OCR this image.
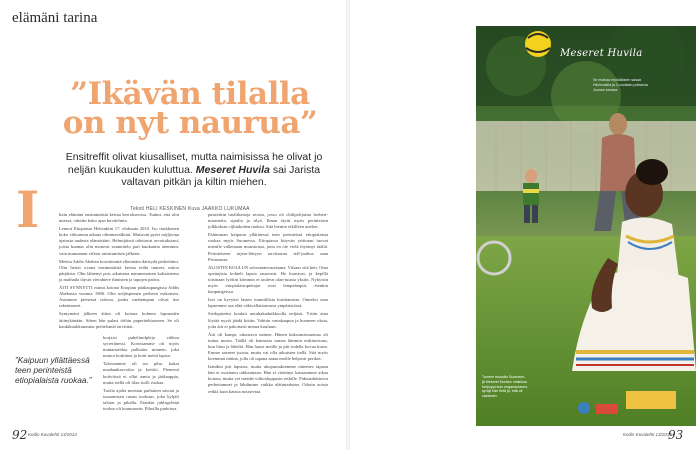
elämäni tarina
”Ikävän tilalla
on nyt naurua”
Ensitreffit olivat kiusalliset, mutta naimisissa he olivat jo neljän kuukauden kuluttua. Meseret Huvila sai Jarista valtavan pitkän ja kiltin miehen.
Teksti HELI KESKINEN Kuva JAAKKO LUKUMAA
I	ltain elämäni ensimmäistä kertaa kerrokseossa. Tuntui, että olin unessa, odottin koko ajan kuvitelmia.

Lennot Etiopiasta Helsinkiin 17. elokuuta 2010. Iso ruukkunen koko viikonnun aikana olimmavalkitut. Muistoni pyöri mijljoona ajatusta uudesta elämästäni. Helmijäissä odottavat arvoituksiani, joista kunnas olin monesti suunnitelu pari kuukautta aiemmin, vain muutaman viikon tutustumisen jälkeen.

Meetta Addis Abeban koroskenttä elkeimäin dattrydä perhettämi. Olin hetoit ovuna ensimmäistä kertaa eräkt tunteet, mitoo pärjäisin. Olin lähtenyt pois aikaisena nammenaisen kaltaisiensa ja maihaila täysin vierahiere ihmisten ja tapojen pariin.

ÄITI SYNNYTTI minut kotona Etiopian pääkaupungissa Addis Abebassa vuonna 1986. Olin neljäspienen perheen esikoinen. Asuimme pienessä talossa, jonka vanhempani olivat itse rakentaneet.

Syntymäni jälkeen äitini oli kotona kolmen lapsuuden äitinykänään. Sitten hän palasi töihin paperitehtaaseen. Se oli kaukikuukkanasina perhelsmäl tarvittiai.

”Kaipuun yllättäessä teen perinteistä etiopialaista ruokaa.”

korjaisi puhelimilpleja välttoa syrreränessi. Korotsamme oli myös munaosaldaa pulkaitta minnen, joka matroi kotitiinsi ja hoiti meitä lapsia.

Talossamme oli iso piha, kukat maahankasvoiita ja keittiö. Pienessä kotiviissä ei ollut aania ja jääkaappia, mutta siellä oli tilaa isolli ruokaa.

Tuolia ajalta muistan parhaiten savuut ja tuoaamisen ruuan tuoksun, joka kyljäli taloon ja pihalla. Etenkin juhlapyhinä tuokse oli kuumaavin. Pihoilla pudoissa

paistettiin tuoltikanoja seosta, josso oli chilipolijaista berberi-maustetta, sipulia ja tilyä. Ilman täytti myös perinteisen jolkkoksin cijlttakohen tuoksu. Sitä hieniin eikilleen unelon.

Pahimman kaipuun yllättäessä teen perinteistä etiopialaista ruokaa myös Suomessa. Etiopiassa kityvän yrttiruan tuovat mieulle vallemaan muustoista, jotta en ole vielä löytänyt täältä. Perinteiseen injera-lättyyn tarvittavaa teff-jauhoa saan Priismasta.

ÄLOSTIN KOULUN seitsemänvuotiaana. Viisaus sitä heti. Oma opettajista kohteli lapsia rauavasti. He huusivat, ja kepillä toisinaan lyötiin kömmin ei taulesn olan-tuusta yksiin. Nykyisin myös etiopialaisopettajat ovat lempeämpiä, etenkin kaupungeissa.

Isse on hyvyksi lasten ruumiillista kurittamista. Onneksi oma lapsemme saa elää väkivallattomassa ympäristössä.

Siedupiteäni kouluit uutuhakaduikkoolla neljästi. Yritin aina löytää nyytä jäädä kotiin. Vahtiin vanakaapua ja huoneen oksia, jotta äiti ei pakottaisi minua kouluun.

Äiti oli kampi, rakastava nainen. Hänen kaksomatsuomaa oli tuttua musta. Täällä oli kannasta samaa lämmin estkinoisuus, kun liinu ja läheltä. Hän huusi meille ja piti todella kovaa kurin. Emme saaneet juosta, mutta vai olla aikuisten tiellä. Sitä myös koemmat itätinä, jolla oli tapana antaa meille helposti perikot.

Isänikin piti lapsista, mutta ukopumaksemme ninemes tapaan hän ei osottanut rakkauttaan. Hän ei viettänyt kansaamme aikaa kotona, mutta vei meidät viikonloppusin retkille. Pakoanhästuiva perhettamnei ja lähdimme vaikka elätintarhaan. Odotin aoista retkiä kuin kausia nouseviaa.

92 Kodin Kuvalehti 13/2014
Meseret Huvila
Se mutkaa myödäksien sasaa Hiisimukilla ja 3-vuotiaan poikansa Joonan kanssa.
Tuonen muuutto Suomeen, jä Meseret Huvilan maisissa helpoppi kuin enganantasen, syntyi hän tietä ja, että oli vastanen.
Kodin Kuvalehti 13/2014
93
